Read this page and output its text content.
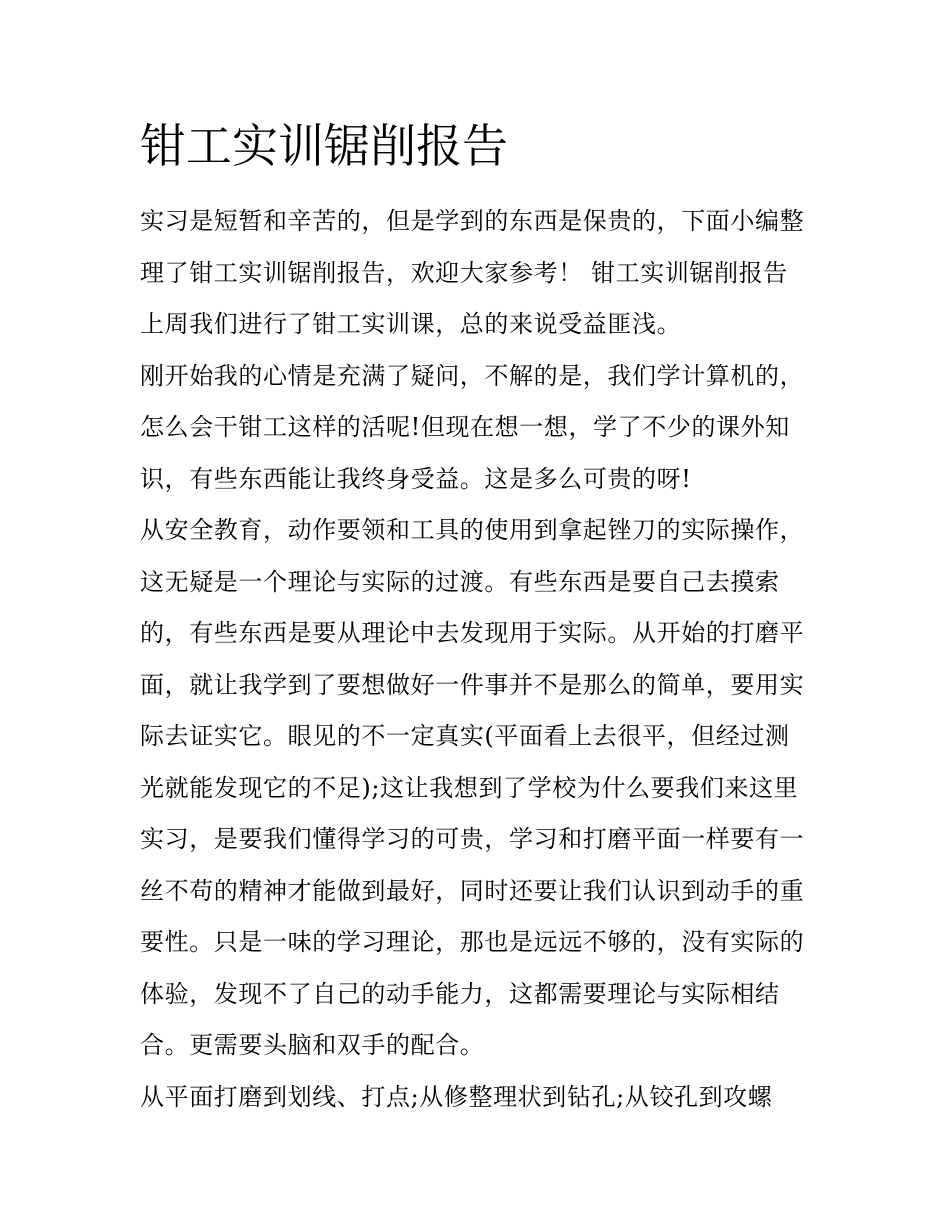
钳工实训锯削报告
实习是短暂和辛苦的，但是学到的东西是保贵的，下面小编整
理了钳工实训锯削报告，欢迎大家参考！ 钳工实训锯削报告
上周我们进行了钳工实训课，总的来说受益匪浅。
刚开始我的心情是充满了疑问，不解的是，我们学计算机的，
怎么会干钳工这样的活呢!但现在想一想，学了不少的课外知
识，有些东西能让我终身受益。这是多么可贵的呀!
从安全教育，动作要领和工具的使用到拿起锉刀的实际操作，
这无疑是一个理论与实际的过渡。有些东西是要自己去摸索
的，有些东西是要从理论中去发现用于实际。从开始的打磨平
面，就让我学到了要想做好一件事并不是那么的简单，要用实
际去证实它。眼见的不一定真实(平面看上去很平，但经过测
光就能发现它的不足);这让我想到了学校为什么要我们来这里
实习，是要我们懂得学习的可贵，学习和打磨平面一样要有一
丝不苟的精神才能做到最好，同时还要让我们认识到动手的重
要性。只是一味的学习理论，那也是远远不够的，没有实际的
体验，发现不了自己的动手能力，这都需要理论与实际相结
合。更需要头脑和双手的配合。
从平面打磨到划线、打点;从修整理状到钻孔;从铰孔到攻螺
